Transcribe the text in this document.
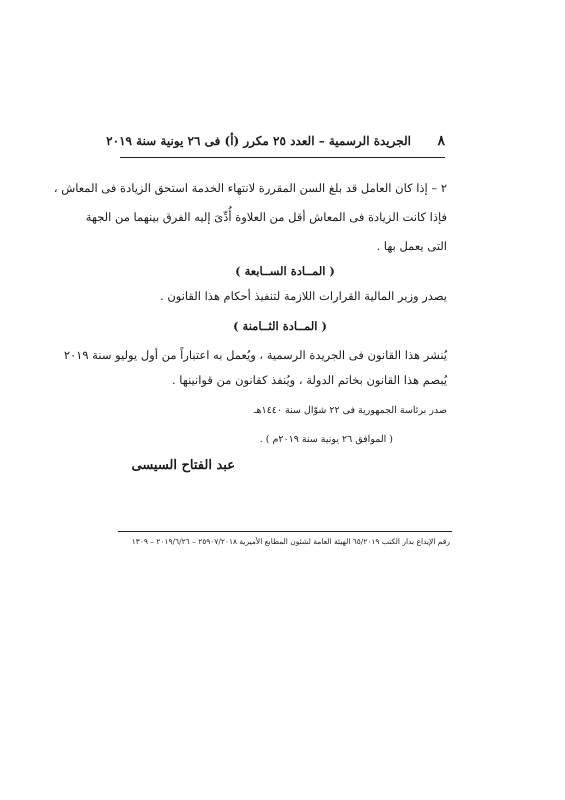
٨
الجريدة الرسمية – العدد ٢٥ مكرر (أ) فى ٢٦ يونية سنة ٢٠١٩
٢ – إذا كان العامل قد بلغ السن المقررة لانتهاء الخدمة استحق الزيادة فى المعاش ،
فإذا كانت الزيادة فى المعاش أقل من العلاوة أُدِّىَ إليه الفرق بينهما من الجهة
التى يعمل بها .
( المــادة الســابعة )
يصدر وزير المالية القرارات اللازمة لتنفيذ أحكام هذا القانون .
( المــادة الثــامنة )
يُنشر هذا القانون فى الجريدة الرسمية ، ويُعمل به اعتباراً من أول يوليو سنة ٢٠١٩
يُبصم هذا القانون بخاتم الدولة ، ويُنفذ كقانون من قوانينها .
صدر برئاسة الجمهورية فى ٢٢ شوّال سنة ١٤٤٠هـ
( الموافق ٢٦ يونية سنة ٢٠١٩م ) .
عبد الفتاح السيسى
رقم الإيداع بدار الكتب ٦٥/٢٠١٩ الهيئة العامة لشئون المطابع الأميرية ٢٥٩٠٧/٢٠١٨ – ٢٠١٩/٦/٢٦ – ١٣٠٩
